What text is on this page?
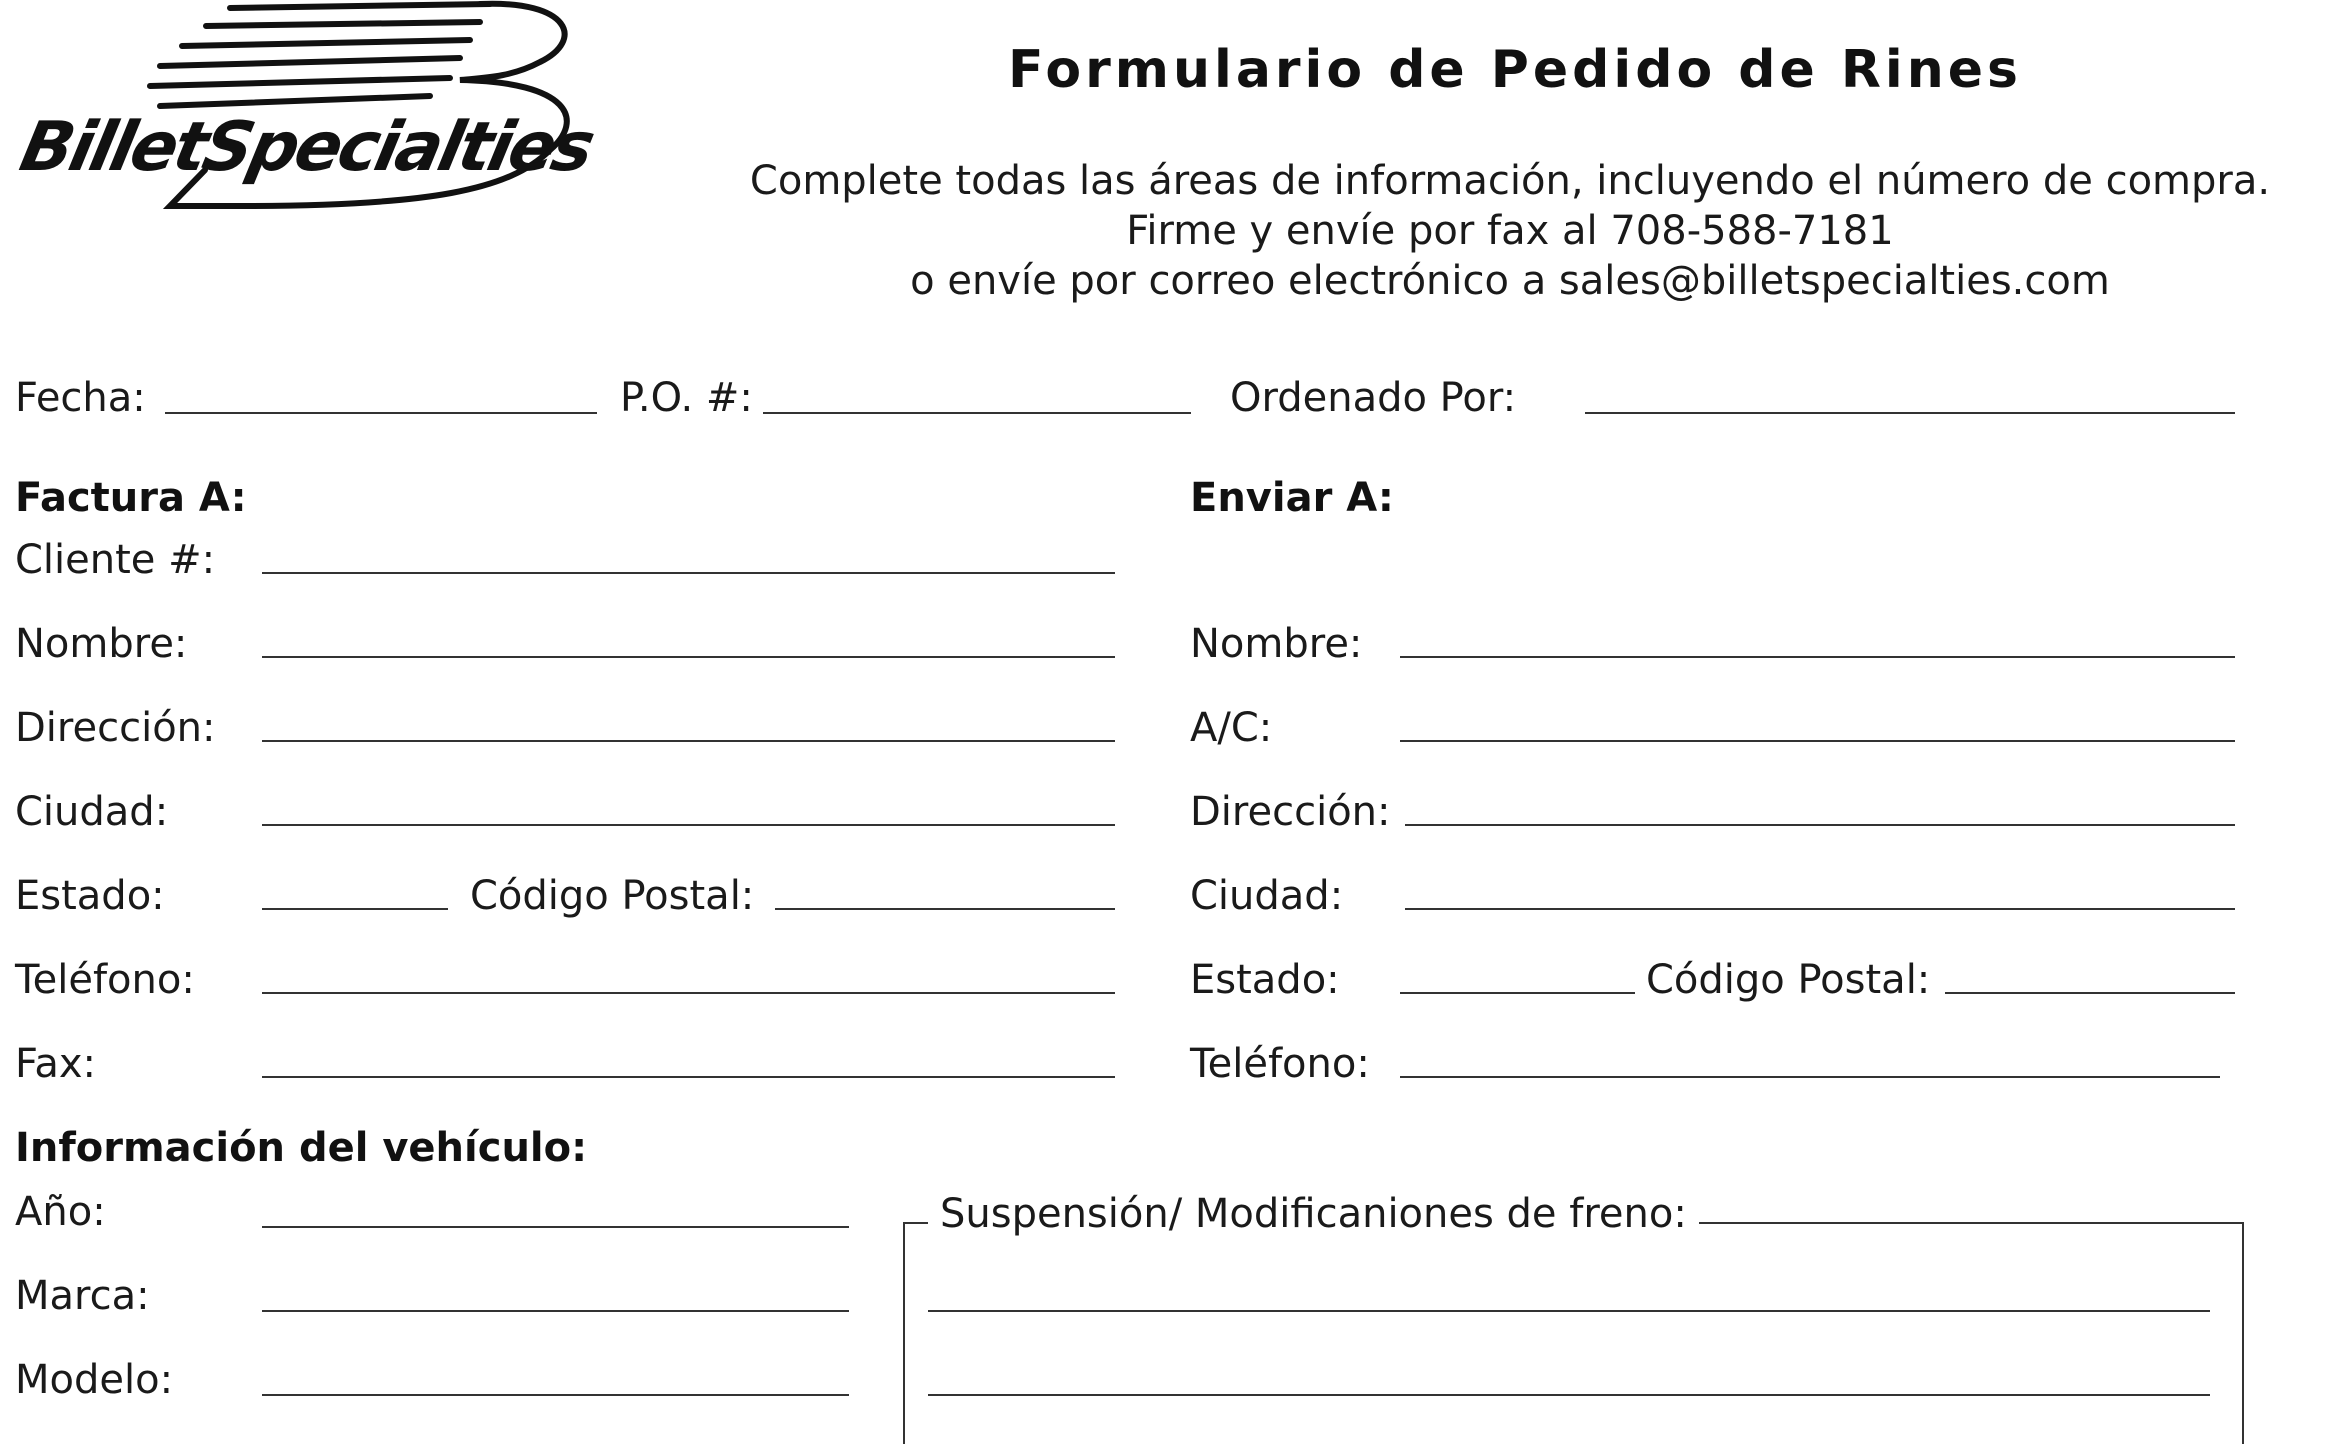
BilletSpecialties
Formulario de Pedido de Rines
Complete todas las áreas de información, incluyendo el número de compra.
Firme y envíe por fax al 708-588-7181
o envíe por correo electrónico a sales@billetspecialties.com
Fecha:	P.O. #:	Ordenado Por:
Factura A:
Cliente #:
Nombre:
Dirección:
Ciudad:
Estado:	Código Postal:
Teléfono:
Fax:
Enviar A:
Nombre:
A/C:
Dirección:
Ciudad:
Estado:	Código Postal:
Teléfono:
Información del vehículo:
Año:
Marca:
Modelo:
Suspensión/ Modificaniones de freno:
